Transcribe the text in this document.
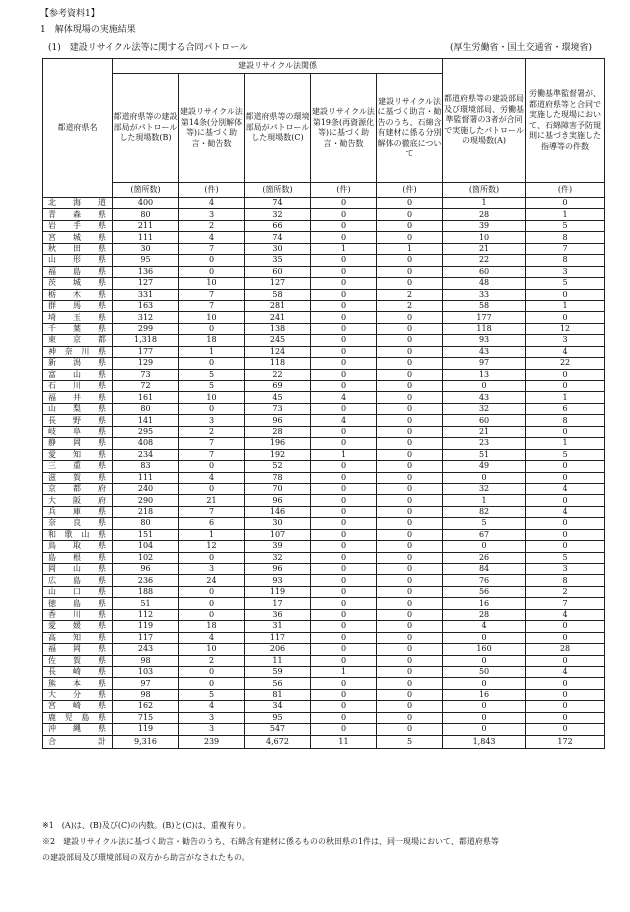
【参考資料1】
1　解体現場の実施結果
(1)　建設リサイクル法等に関する合同パトロール	(厚生労働省・国土交通省・環境省)
都道府県名	建設リサイクル法関係					都道府県等の建設部局及び環境部局、労働基準監督署の3者が合同で実施したパトロールの現場数(A)	労働基準監督署が、都道府県等と合同で実施した現場において、石綿障害予防規則に基づき実施した指導等の件数
	都道府県等の建設部局がパトロールした現場数(B)	建設リサイクル法第14条(分別解体等)に基づく助言・勧告数	都道府県等の環境部局がパトロールした現場数(C)	建設リサイクル法第19条(再資源化等)に基づく助言・勧告数	建設リサイクル法に基づく助言・勧告のうち、石綿含有建材に係る分別解体の徹底について		
	(箇所数)	(件)	(箇所数)	(件)	(件)	(箇所数)	(件)
北海道	400	4	74	0	0	1	0
青森県	80	3	32	0	0	28	1
岩手県	211	2	66	0	0	39	5
宮城県	111	4	74	0	0	10	8
秋田県	30	7	30	1	1	21	7
山形県	95	0	35	0	0	22	8
福島県	136	0	60	0	0	60	3
茨城県	127	10	127	0	0	48	5
栃木県	331	7	58	0	2	33	0
群馬県	163	7	281	0	2	58	1
埼玉県	312	10	241	0	0	177	0
千葉県	299	0	138	0	0	118	12
東京都	1,318	18	245	0	0	93	3
神奈川県	177	1	124	0	0	43	4
新潟県	129	0	118	0	0	97	22
富山県	73	5	22	0	0	13	0
石川県	72	5	69	0	0	0	0
福井県	161	10	45	4	0	43	1
山梨県	80	0	73	0	0	32	6
長野県	141	3	96	4	0	60	8
岐阜県	295	2	28	0	0	21	0
静岡県	408	7	196	0	0	23	1
愛知県	234	7	192	1	0	51	5
三重県	83	0	52	0	0	49	0
滋賀県	111	4	78	0	0	0	0
京都府	240	0	70	0	0	32	4
大阪府	290	21	96	0	0	1	0
兵庫県	218	7	146	0	0	82	4
奈良県	80	6	30	0	0	5	0
和歌山県	151	1	107	0	0	67	0
鳥取県	104	12	39	0	0	0	0
島根県	102	0	32	0	0	26	5
岡山県	96	3	96	0	0	84	3
広島県	236	24	93	0	0	76	8
山口県	188	0	119	0	0	56	2
徳島県	51	0	17	0	0	16	7
香川県	112	0	36	0	0	28	4
愛媛県	119	18	31	0	0	4	0
高知県	117	4	117	0	0	0	0
福岡県	243	10	206	0	0	160	28
佐賀県	98	2	11	0	0	0	0
長崎県	103	0	59	1	0	50	4
熊本県	97	0	56	0	0	0	0
大分県	98	5	81	0	0	16	0
宮崎県	162	4	34	0	0	0	0
鹿児島県	715	3	95	0	0	0	0
沖縄県	119	3	547	0	0	0	0
合計	9,316	239	4,672	11	5	1,843	172
※1　(A)は、(B)及び(C)の内数。(B)と(C)は、重複有り。
※2　建設リサイクル法に基づく助言・勧告のうち、石綿含有建材に係るものの秋田県の1件は、同一現場において、都道府県等
の建設部局及び環境部局の双方から助言がなされたもの。
